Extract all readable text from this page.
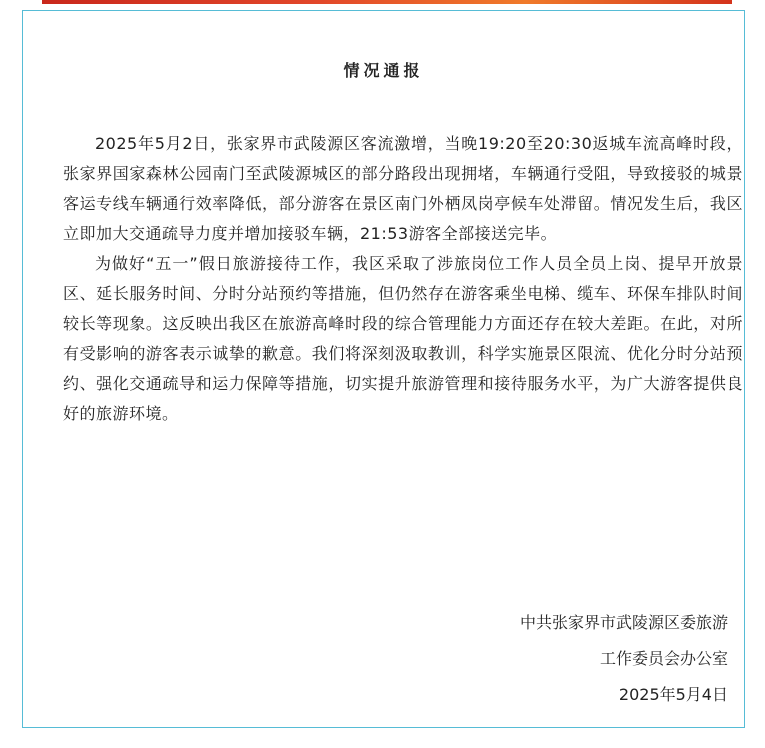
情况通报

2025年5月2日，张家界市武陵源区客流激增，当晚19:20至20:30返城车流高峰时段，张家界国家森林公园南门至武陵源城区的部分路段出现拥堵，车辆通行受阻，导致接驳的城景客运专线车辆通行效率降低，部分游客在景区南门外栖凤岗亭候车处滞留。情况发生后，我区立即加大交通疏导力度并增加接驳车辆，21:53游客全部接送完毕。

为做好“五一”假日旅游接待工作，我区采取了涉旅岗位工作人员全员上岗、提早开放景区、延长服务时间、分时分站预约等措施，但仍然存在游客乘坐电梯、缆车、环保车排队时间较长等现象。这反映出我区在旅游高峰时段的综合管理能力方面还存在较大差距。在此，对所有受影响的游客表示诚挚的歉意。我们将深刻汲取教训，科学实施景区限流、优化分时分站预约、强化交通疏导和运力保障等措施，切实提升旅游管理和接待服务水平，为广大游客提供良好的旅游环境。

中共张家界市武陵源区委旅游
工作委员会办公室
2025年5月4日
